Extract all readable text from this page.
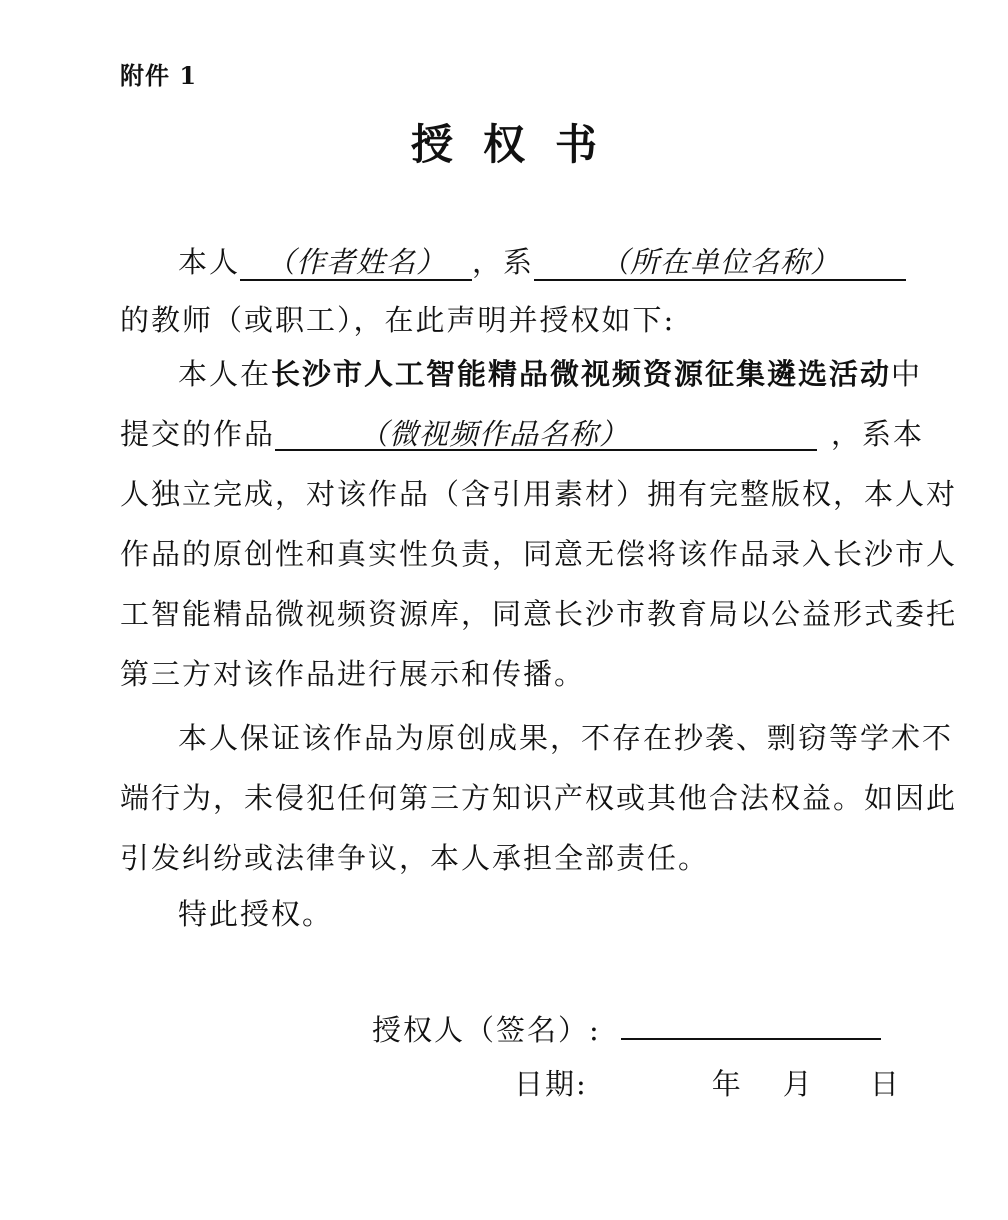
附件 1
授权书
本人 （作者姓名） ，系 （所在单位名称）
的教师（或职工），在此声明并授权如下:
本人在长沙市人工智能精品微视频资源征集遴选活动中
提交的作品	（微视频作品名称）	，系本
人独立完成，对该作品（含引用素材）拥有完整版权，本人对
作品的原创性和真实性负责，同意无偿将该作品录入长沙市人
工智能精品微视频资源库，同意长沙市教育局以公益形式委托
第三方对该作品进行展示和传播。
本人保证该作品为原创成果，不存在抄袭、剽窃等学术不
端行为，未侵犯任何第三方知识产权或其他合法权益。如因此
引发纠纷或法律争议，本人承担全部责任。
特此授权。
授权人（签名）:
日期:	年 月 日
